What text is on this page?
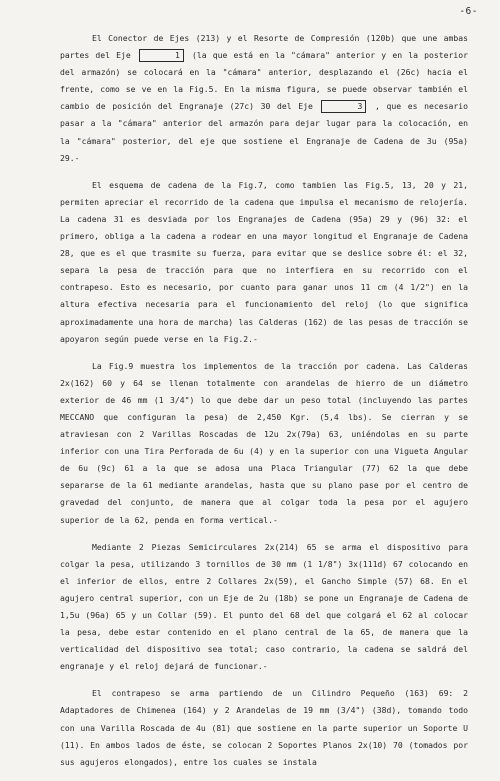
-6-

El Conector de Ejes (213) y el Resorte de Compresión (120b) que une ambas partes del Eje	1 (la que está en la "cámara" anterior y en la posterior del armazón) se colocará en la "cámara" anterior, desplazando el (26c) hacia el frente, como se ve en la Fig.5. En la misma figura, se puede observar también el cambio de posición del Engranaje (27c) 30 del Eje	3 , que es necesario pasar a la "cámara" anterior del armazón para dejar lugar para la colocación, en la "cámara" posterior, del eje que sostiene el Engranaje de Cadena de 3u (95a) 29.-

El esquema de cadena de la Fig.7, como tambien las Fig.5, 13, 20 y 21, permiten apreciar el recorrido de la cadena que impulsa el mecanismo de relojería. La cadena 31 es desviada por los Engranajes de Cadena (95a) 29 y (96) 32: el primero, obliga a la cadena a rodear en una mayor longitud el Engranaje de Cadena 28, que es el que trasmite su fuerza, para evitar que se deslice sobre él: el 32, separa la pesa de tracción para que no interfiera en su recorrido con el contrapeso. Esto es necesario, por cuanto para ganar unos 11 cm (4 1/2") en la altura efectiva necesaria para el funcionamiento del reloj (lo que significa aproximadamente una hora de marcha) las Calderas (162) de las pesas de tracción se apoyaron según puede verse en la Fig.2.-

La Fig.9 muestra los implementos de la tracción por cadena. Las Calderas 2x(162) 60 y 64 se llenan totalmente con arandelas de hierro de un diámetro exterior de 46 mm (1 3/4") lo que debe dar un peso total (incluyendo las partes MECCANO que configuran la pesa) de 2,450 Kgr. (5,4 lbs). Se cierran y se atraviesan con 2 Varillas Roscadas de 12u 2x(79a) 63, uniéndolas en su parte inferior con una Tira Perforada de 6u (4) y en la superior con una Vigueta Angular de 6u (9c) 61 a la que se adosa una Placa Triangular (77) 62 la que debe separarse de la 61 mediante arandelas, hasta que su plano pase por el centro de gravedad del conjunto, de manera que al colgar toda la pesa por el agujero superior de la 62, penda en forma vertical.-

Mediante 2 Piezas Semicirculares 2x(214) 65 se arma el dispositivo para colgar la pesa, utilizando 3 tornillos de 30 mm (1 1/8") 3x(111d) 67 colocando en el inferior de ellos, entre 2 Collares 2x(59), el Gancho Simple (57) 68. En el agujero central superior, con un Eje de 2u (18b) se pone un Engranaje de Cadena de 1,5u (96a) 65 y un Collar (59). El punto del 68 del que colgará el 62 al colocar la pesa, debe estar contenido en el plano central de la 65, de manera que la verticalidad del dispositivo sea total; caso contrario, la cadena se saldrá del engranaje y el reloj dejará de funcionar.-

El contrapeso se arma partiendo de un Cilindro Pequeño (163) 69: 2 Adaptadores de Chimenea (164) y 2 Arandelas de 19 mm (3/4") (38d), tomando todo con una Varilla Roscada de 4u (81) que sostiene en la parte superior un Soporte U (11). En ambos lados de éste, se colocan 2 Soportes Planos 2x(10) 70 (tomados por sus agujeros elongados), entre los cuales se instala
